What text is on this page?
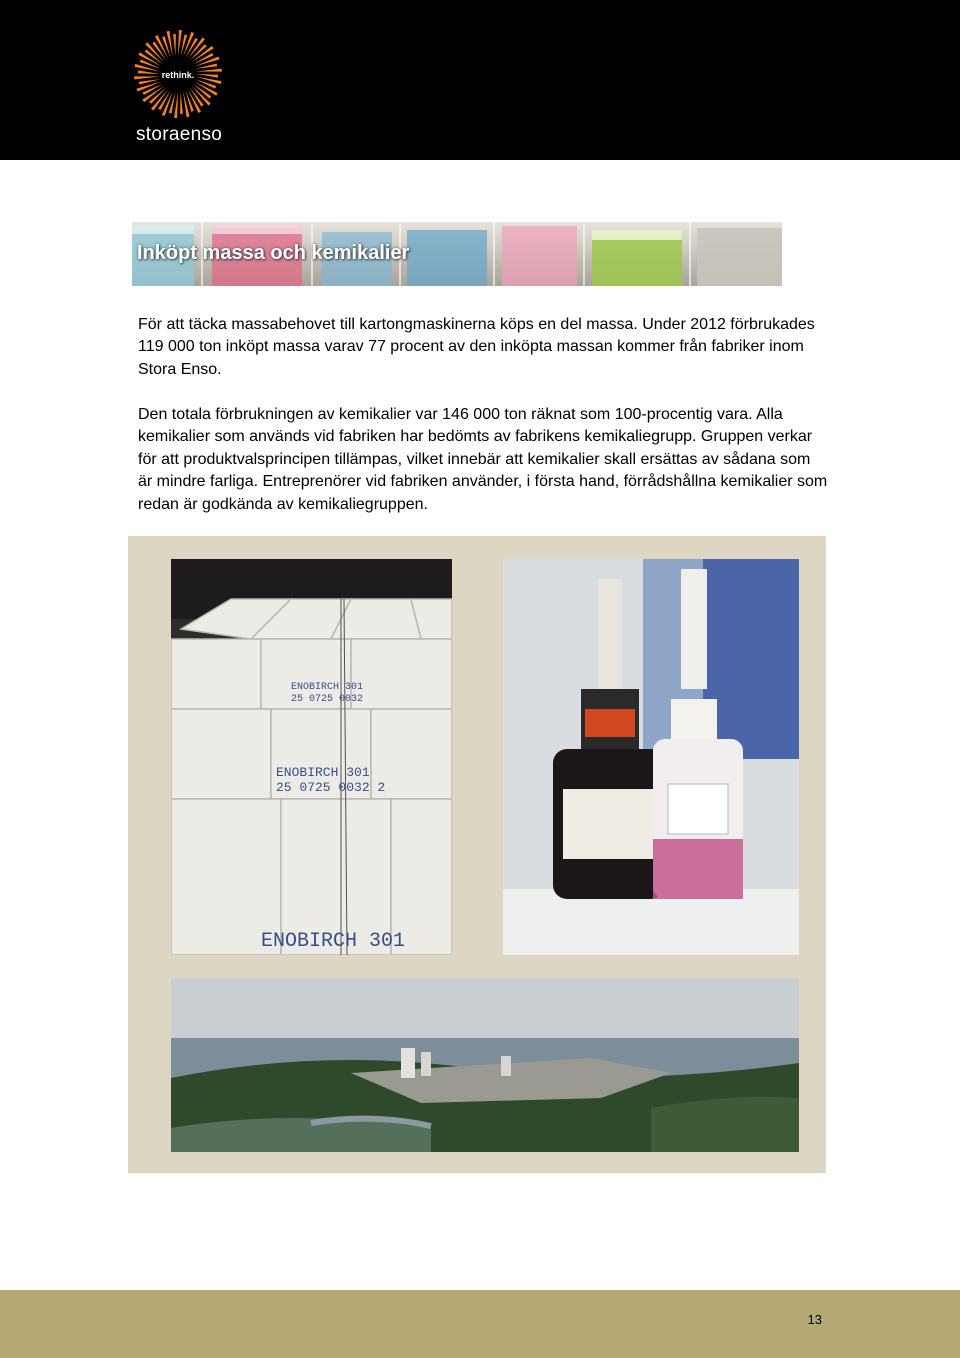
rethink.
storaenso
Inköpt massa och kemikalier

För att täcka massabehovet till kartongmaskinerna köps en del massa. Under 2012 förbrukades 119 000 ton inköpt massa varav 77 procent av den inköpta massan kommer från fabriker inom Stora Enso.

Den totala förbrukningen av kemikalier var 146 000 ton räknat som 100-procentig vara. Alla kemikalier som används vid fabriken har bedömts av fabrikens kemikaliegrupp. Gruppen verkar för att produktvalsprincipen tillämpas, vilket innebär att kemikalier skall ersättas av sådana som är mindre farliga. Entreprenörer vid fabriken använder, i första hand, förrådshållna kemikalier som redan är godkända av kemikaliegruppen.

ENOBIRCH 301
25 0725 0032
ENOBIRCH 301
25 0725 0032 2
ENOBIRCH 301
13
